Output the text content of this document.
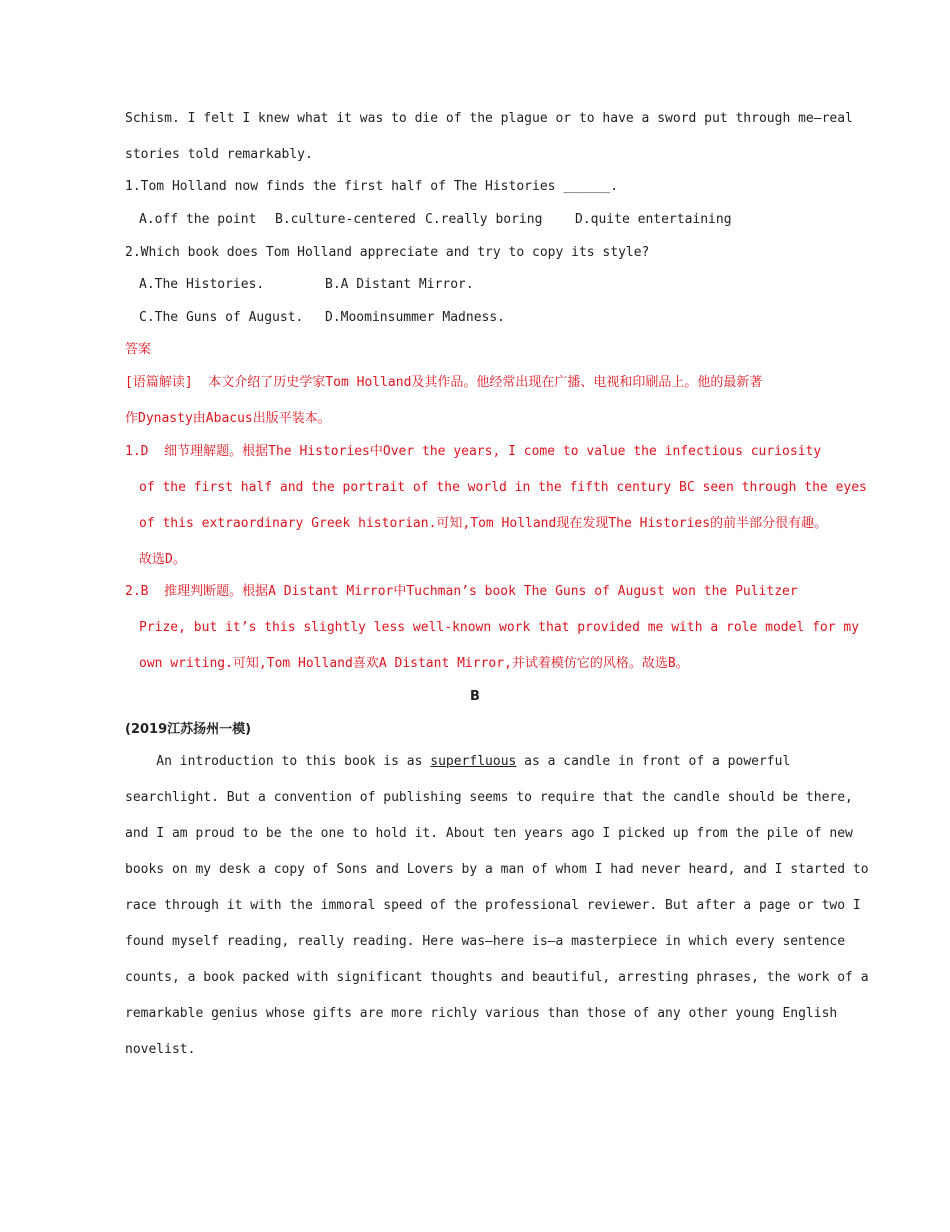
Schism. I felt I knew what it was to die of the plague or to have a sword put through me—real
stories told remarkably.
1.Tom Holland now finds the first half of The Histories ______.
A.off the point B.culture-centered C.really boring	D.quite entertaining
2.Which book does Tom Holland appreciate and try to copy its style?
A.The Histories.	B.A Distant Mirror.
C.The Guns of August. D.Moominsummer Madness.
答案
[语篇解读]  本文介绍了历史学家Tom Holland及其作品。他经常出现在广播、电视和印刷品上。他的最新著
作Dynasty由Abacus出版平装本。
1.D  细节理解题。根据The Histories中Over the years, I come to value the infectious curiosity
of the first half and the portrait of the world in the fifth century BC seen through the eyes
of this extraordinary Greek historian.可知,Tom Holland现在发现The Histories的前半部分很有趣。
故选D。
2.B  推理判断题。根据A Distant Mirror中Tuchman’s book The Guns of August won the Pulitzer
Prize, but it’s this slightly less well-known work that provided me with a role model for my
own writing.可知,Tom Holland喜欢A Distant Mirror,并试着模仿它的风格。故选B。
B
(2019江苏扬州一模)
An introduction to this book is as superfluous as a candle in front of a powerful
searchlight. But a convention of publishing seems to require that the candle should be there,
and I am proud to be the one to hold it. About ten years ago I picked up from the pile of new
books on my desk a copy of Sons and Lovers by a man of whom I had never heard, and I started to
race through it with the immoral speed of the professional reviewer. But after a page or two I
found myself reading, really reading. Here was—here is—a masterpiece in which every sentence
counts, a book packed with significant thoughts and beautiful, arresting phrases, the work of a
remarkable genius whose gifts are more richly various than those of any other young English
novelist.
